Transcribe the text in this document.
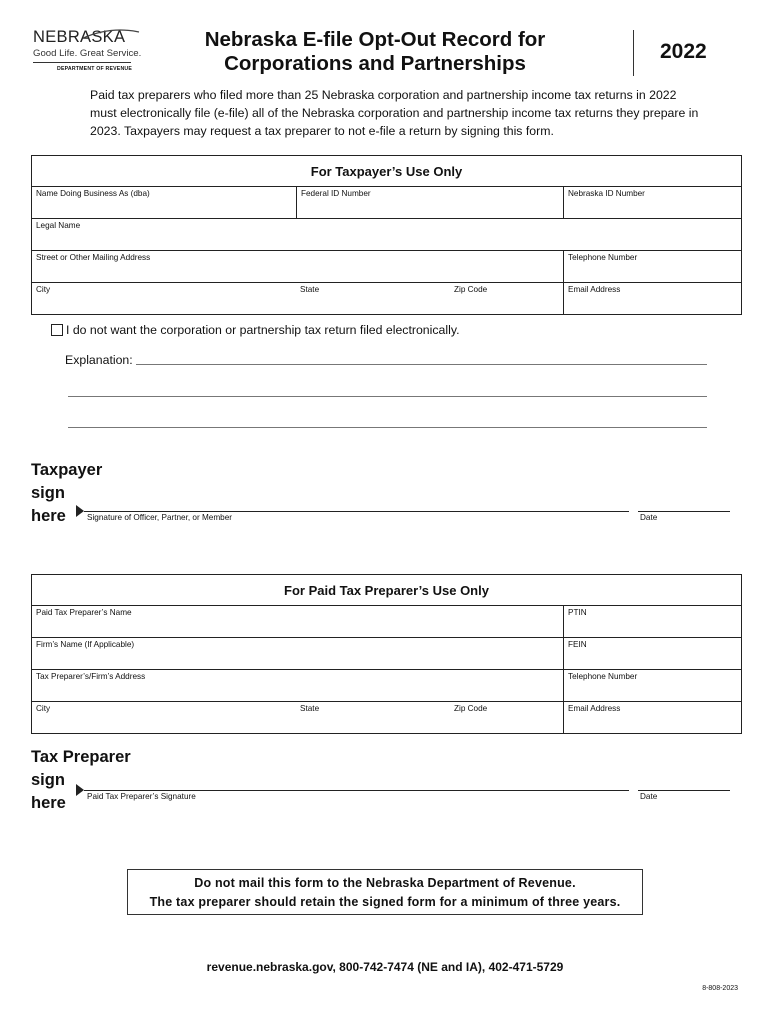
NEBRASKA
Good Life. Great Service.
DEPARTMENT OF REVENUE
Nebraska E-file Opt-Out Record for
Corporations and Partnerships
2022
Paid tax preparers who filed more than 25 Nebraska corporation and partnership income tax returns in 2022 must electronically file (e-file) all of the Nebraska corporation and partnership income tax returns they prepare in 2023. Taxpayers may request a tax preparer to not e-file a return by signing this form.
For Taxpayer’s Use Only
Name Doing Business As (dba)	Federal ID Number	Nebraska ID Number
Legal Name
Street or Other Mailing Address	Telephone Number
City	State	Zip Code	Email Address
I do not want the corporation or partnership tax return filed electronically.
Explanation:
Taxpayer
sign
here	Signature of Officer, Partner, or Member	Date
For Paid Tax Preparer’s Use Only
Paid Tax Preparer’s Name	PTIN
Firm’s Name (If Applicable)	FEIN
Tax Preparer’s/Firm’s Address	Telephone Number
City	State	Zip Code	Email Address
Tax Preparer
sign
here	Paid Tax Preparer’s Signature	Date
Do not mail this form to the Nebraska Department of Revenue.
The tax preparer should retain the signed form for a minimum of three years.
revenue.nebraska.gov, 800-742-7474 (NE and IA), 402-471-5729
8-808-2023
